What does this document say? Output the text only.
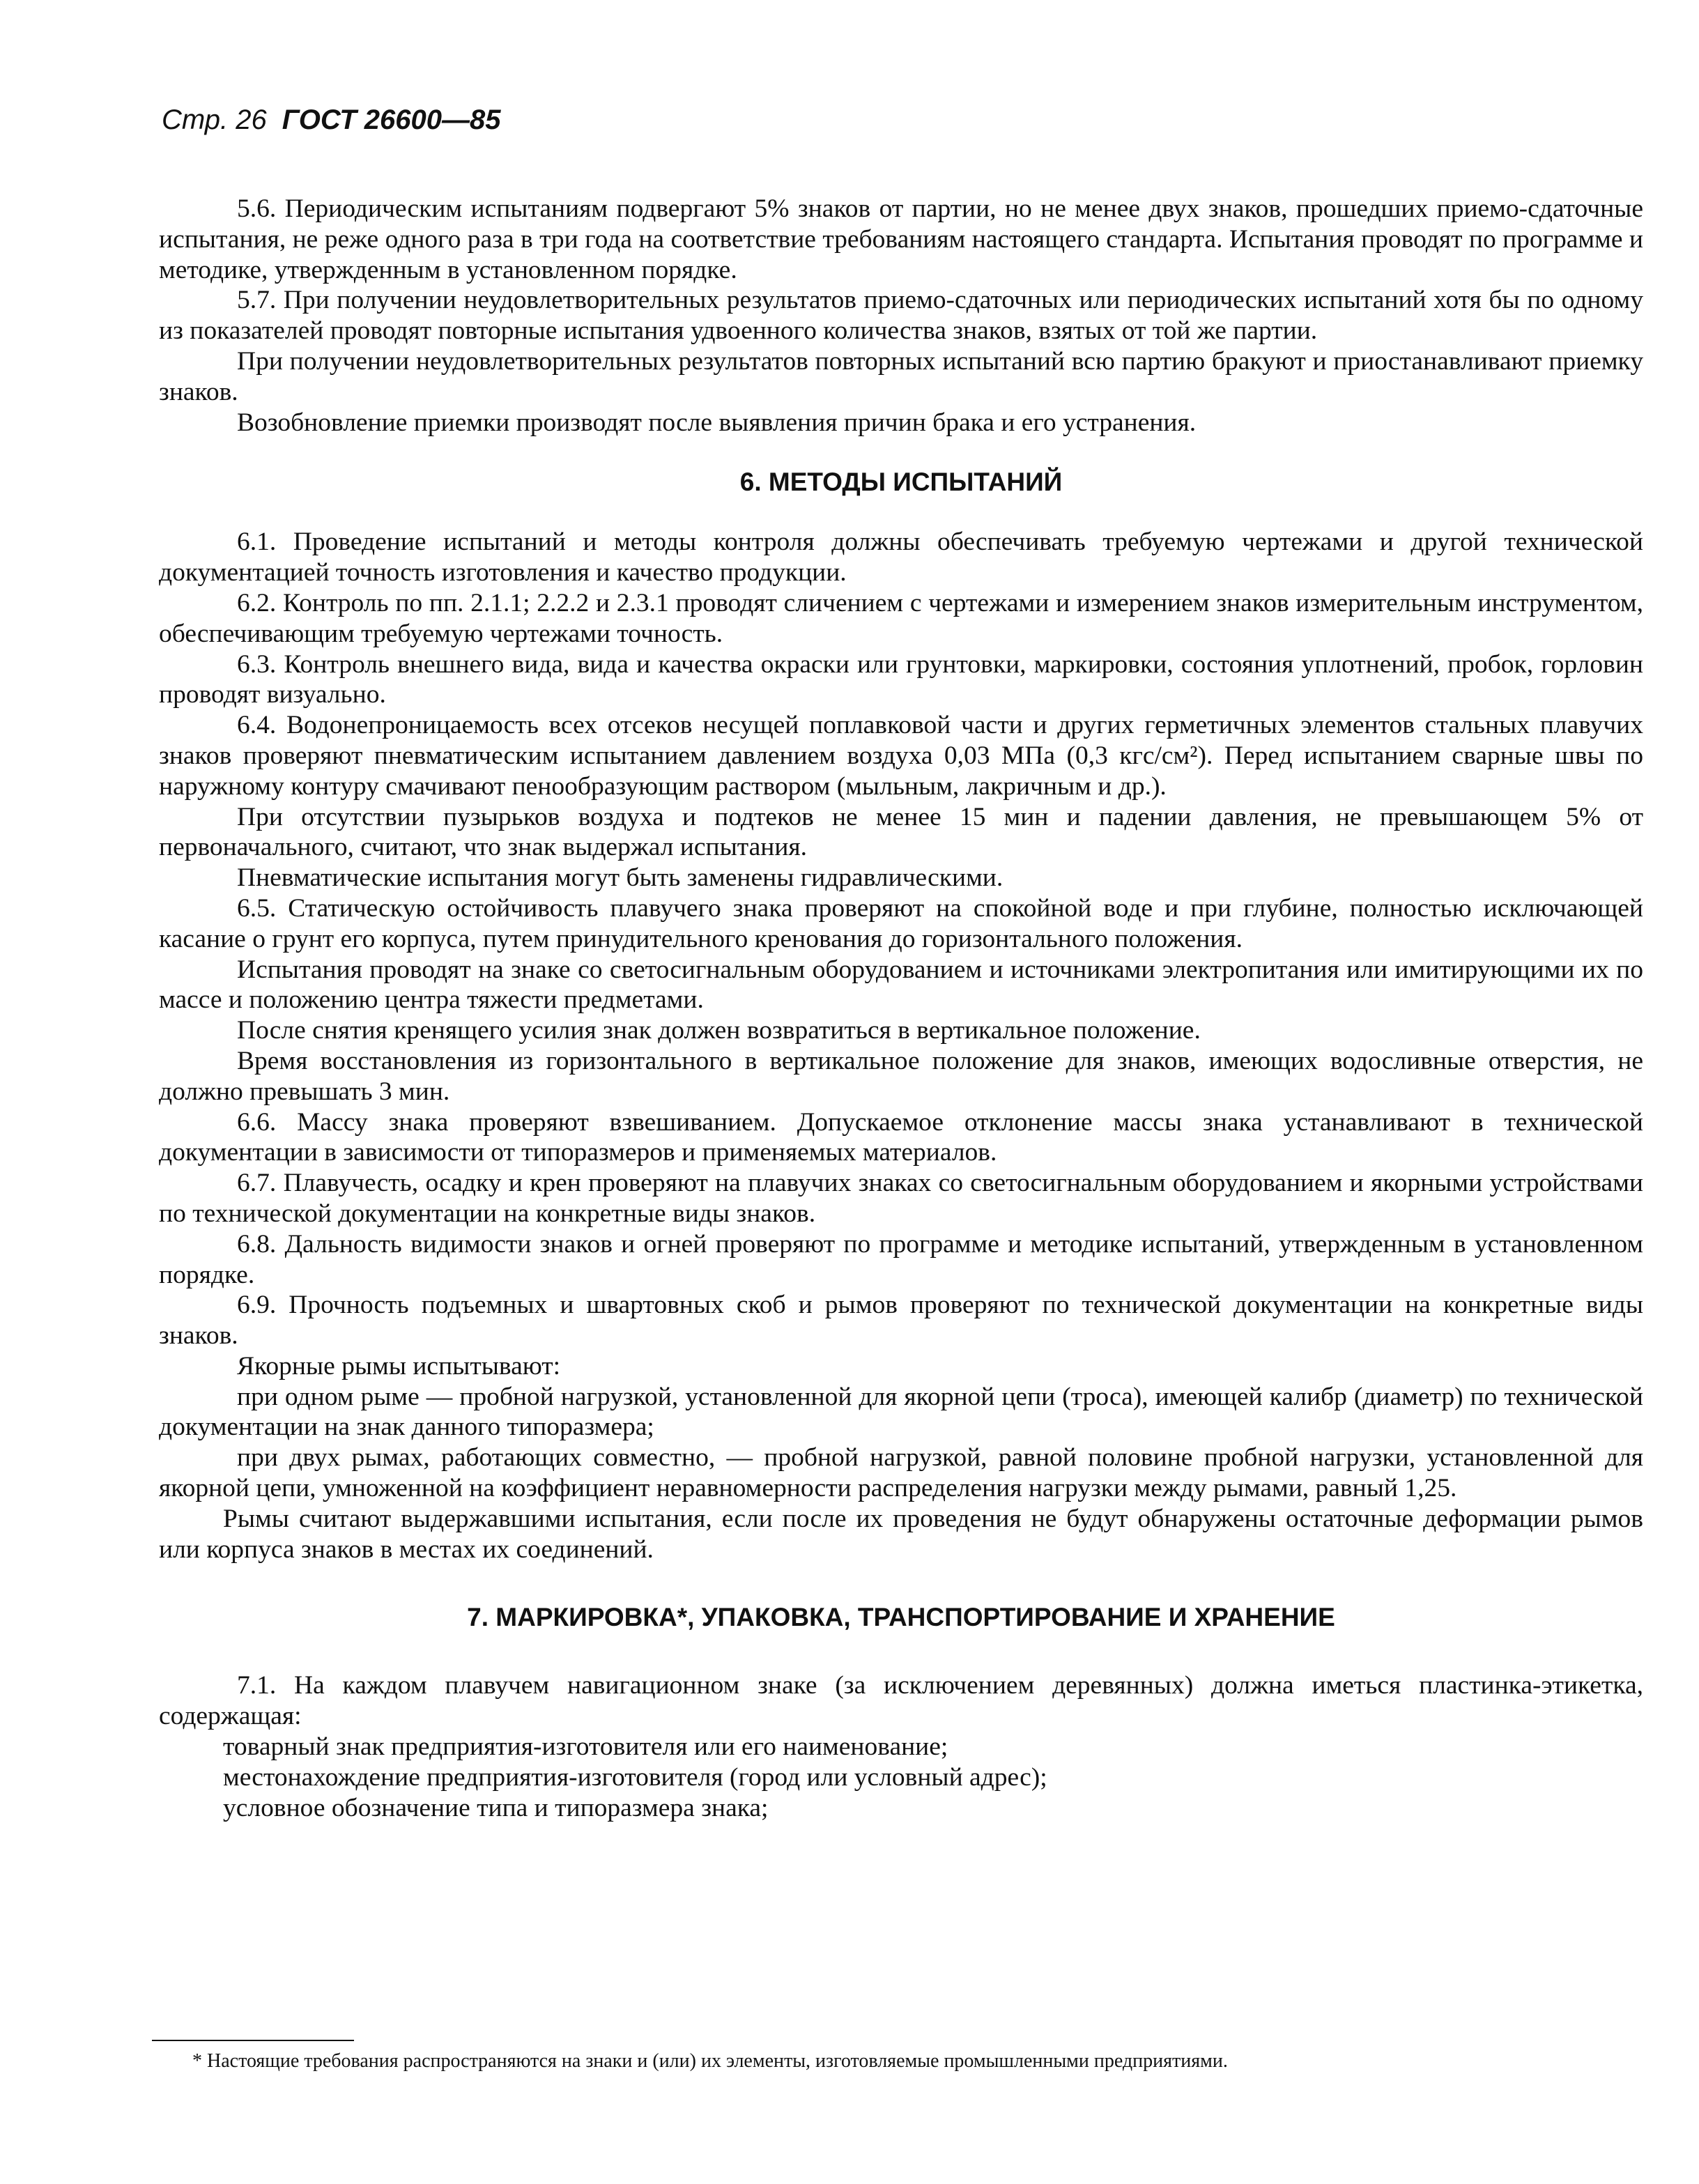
Стр. 26 ГОСТ 26600—85

5.6. Периодическим испытаниям подвергают 5% знаков от партии, но не менее двух знаков, прошедших приемо-сдаточные испытания, не реже одного раза в три года на соответствие требованиям настоящего стандарта. Испытания проводят по программе и методике, утвержденным в установленном порядке.

5.7. При получении неудовлетворительных результатов приемо-сдаточных или периодических испытаний хотя бы по одному из показателей проводят повторные испытания удвоенного количества знаков, взятых от той же партии.

При получении неудовлетворительных результатов повторных испытаний всю партию бракуют и приостанавливают приемку знаков.

Возобновление приемки производят после выявления причин брака и его устранения.

6. МЕТОДЫ ИСПЫТАНИЙ

6.1. Проведение испытаний и методы контроля должны обеспечивать требуемую чертежами и другой технической документацией точность изготовления и качество продукции.

6.2. Контроль по пп. 2.1.1; 2.2.2 и 2.3.1 проводят сличением с чертежами и измерением знаков измерительным инструментом, обеспечивающим требуемую чертежами точность.

6.3. Контроль внешнего вида, вида и качества окраски или грунтовки, маркировки, состояния уплотнений, пробок, горловин проводят визуально.

6.4. Водонепроницаемость всех отсеков несущей поплавковой части и других герметичных элементов стальных плавучих знаков проверяют пневматическим испытанием давлением воздуха 0,03 МПа (0,3 кгс/см²). Перед испытанием сварные швы по наружному контуру смачивают пенообразующим раствором (мыльным, лакричным и др.).

При отсутствии пузырьков воздуха и подтеков не менее 15 мин и падении давления, не превышающем 5% от первоначального, считают, что знак выдержал испытания.

Пневматические испытания могут быть заменены гидравлическими.

6.5. Статическую остойчивость плавучего знака проверяют на спокойной воде и при глубине, полностью исключающей касание о грунт его корпуса, путем принудительного кренования до горизонтального положения.

Испытания проводят на знаке со светосигнальным оборудованием и источниками электропитания или имитирующими их по массе и положению центра тяжести предметами.

После снятия кренящего усилия знак должен возвратиться в вертикальное положение.

Время восстановления из горизонтального в вертикальное положение для знаков, имеющих водосливные отверстия, не должно превышать 3 мин.

6.6. Массу знака проверяют взвешиванием. Допускаемое отклонение массы знака устанавливают в технической документации в зависимости от типоразмеров и применяемых материалов.

6.7. Плавучесть, осадку и крен проверяют на плавучих знаках со светосигнальным оборудованием и якорными устройствами по технической документации на конкретные виды знаков.

6.8. Дальность видимости знаков и огней проверяют по программе и методике испытаний, утвержденным в установленном порядке.

6.9. Прочность подъемных и швартовных скоб и рымов проверяют по технической документации на конкретные виды знаков.

Якорные рымы испытывают:

при одном рыме — пробной нагрузкой, установленной для якорной цепи (троса), имеющей калибр (диаметр) по технической документации на знак данного типоразмера;

при двух рымах, работающих совместно, — пробной нагрузкой, равной половине пробной нагрузки, установленной для якорной цепи, умноженной на коэффициент неравномерности распределения нагрузки между рымами, равный 1,25.

Рымы считают выдержавшими испытания, если после их проведения не будут обнаружены остаточные деформации рымов или корпуса знаков в местах их соединений.

7. МАРКИРОВКА*, УПАКОВКА, ТРАНСПОРТИРОВАНИЕ И ХРАНЕНИЕ

7.1. На каждом плавучем навигационном знаке (за исключением деревянных) должна иметься пластинка-этикетка, содержащая:

товарный знак предприятия-изготовителя или его наименование;

местонахождение предприятия-изготовителя (город или условный адрес);

условное обозначение типа и типоразмера знака;

* Настоящие требования распространяются на знаки и (или) их элементы, изготовляемые промышленными предприятиями.
